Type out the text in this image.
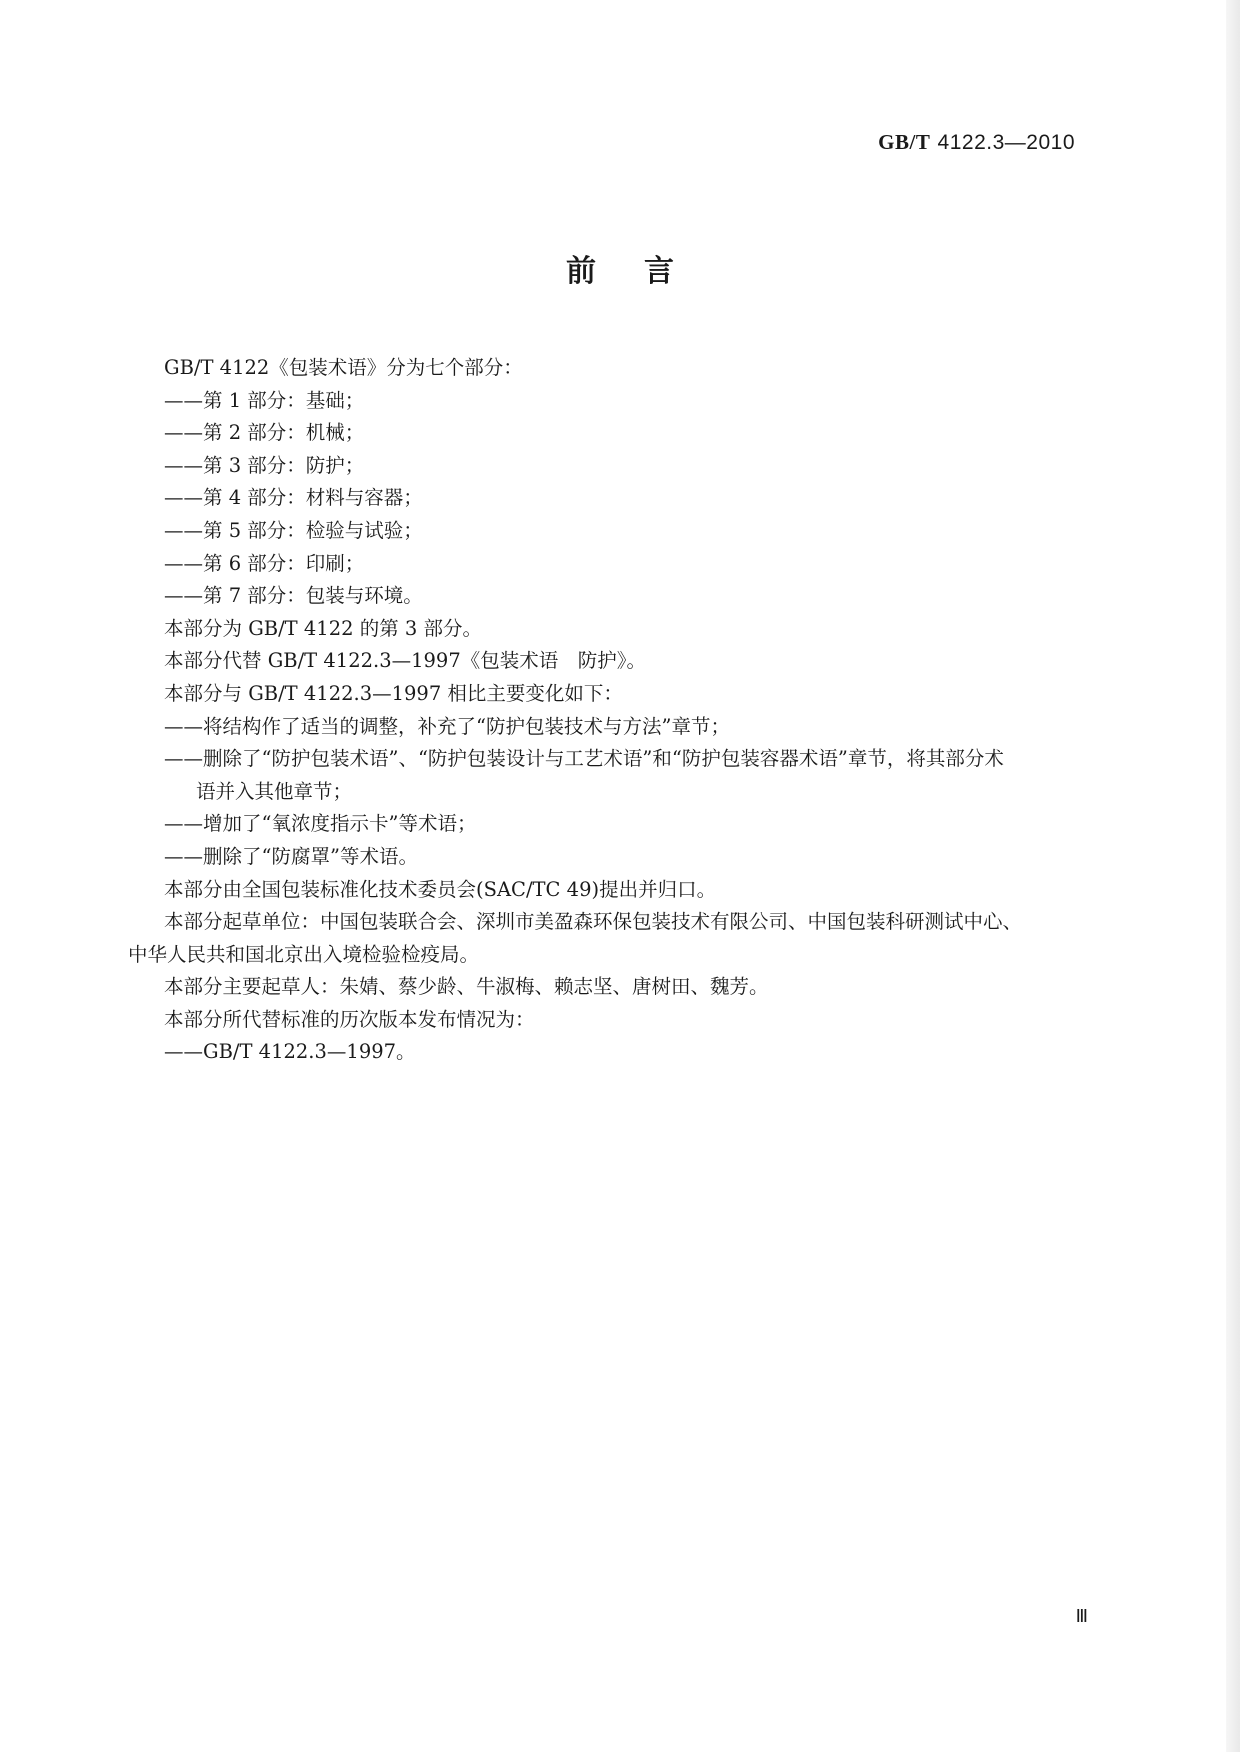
GB/T 4122.3—2010
前言
GB/T 4122《包装术语》分为七个部分：
——第 1 部分：基础；
——第 2 部分：机械；
——第 3 部分：防护；
——第 4 部分：材料与容器；
——第 5 部分：检验与试验；
——第 6 部分：印刷；
——第 7 部分：包装与环境。
本部分为 GB/T 4122 的第 3 部分。
本部分代替 GB/T 4122.3—1997《包装术语　防护》。
本部分与 GB/T 4122.3—1997 相比主要变化如下：
——将结构作了适当的调整，补充了“防护包装技术与方法”章节；
——删除了“防护包装术语”、“防护包装设计与工艺术语”和“防护包装容器术语”章节，将其部分术
语并入其他章节；
——增加了“氧浓度指示卡”等术语；
——删除了“防腐罩”等术语。
本部分由全国包装标准化技术委员会(SAC/TC 49)提出并归口。
本部分起草单位：中国包装联合会、深圳市美盈森环保包装技术有限公司、中国包装科研测试中心、
中华人民共和国北京出入境检验检疫局。
本部分主要起草人：朱婧、蔡少龄、牛淑梅、赖志坚、唐树田、魏芳。
本部分所代替标准的历次版本发布情况为：
——GB/T 4122.3—1997。
Ⅲ
